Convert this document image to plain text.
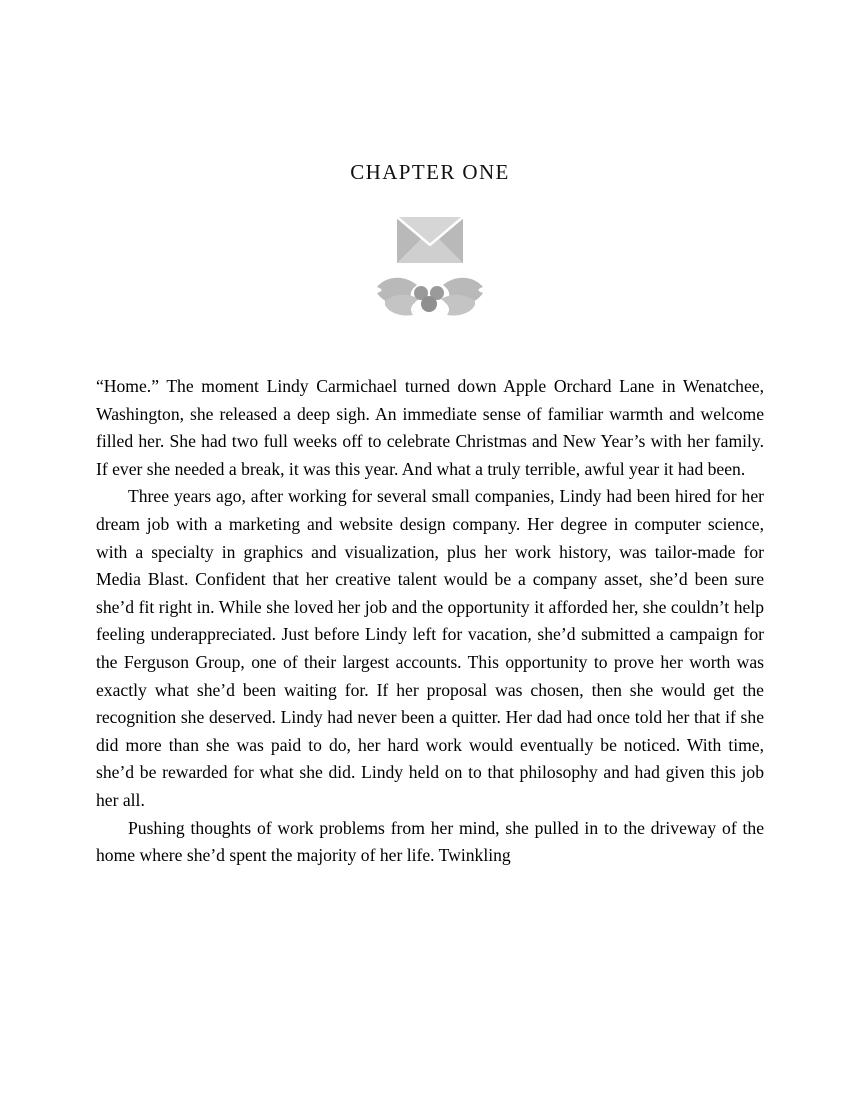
CHAPTER ONE

“Home.” The moment Lindy Carmichael turned down Apple Orchard Lane in Wenatchee, Washington, she released a deep sigh. An immediate sense of familiar warmth and welcome filled her. She had two full weeks off to celebrate Christmas and New Year’s with her family. If ever she needed a break, it was this year. And what a truly terrible, awful year it had been.

Three years ago, after working for several small companies, Lindy had been hired for her dream job with a marketing and website design company. Her degree in computer science, with a specialty in graphics and visualization, plus her work history, was tailor-made for Media Blast. Confident that her creative talent would be a company asset, she’d been sure she’d fit right in. While she loved her job and the opportunity it afforded her, she couldn’t help feeling underappreciated. Just before Lindy left for vacation, she’d submitted a campaign for the Ferguson Group, one of their largest accounts. This opportunity to prove her worth was exactly what she’d been waiting for. If her proposal was chosen, then she would get the recognition she deserved. Lindy had never been a quitter. Her dad had once told her that if she did more than she was paid to do, her hard work would eventually be noticed. With time, she’d be rewarded for what she did. Lindy held on to that philosophy and had given this job her all.

Pushing thoughts of work problems from her mind, she pulled in to the driveway of the home where she’d spent the majority of her life. Twinkling
